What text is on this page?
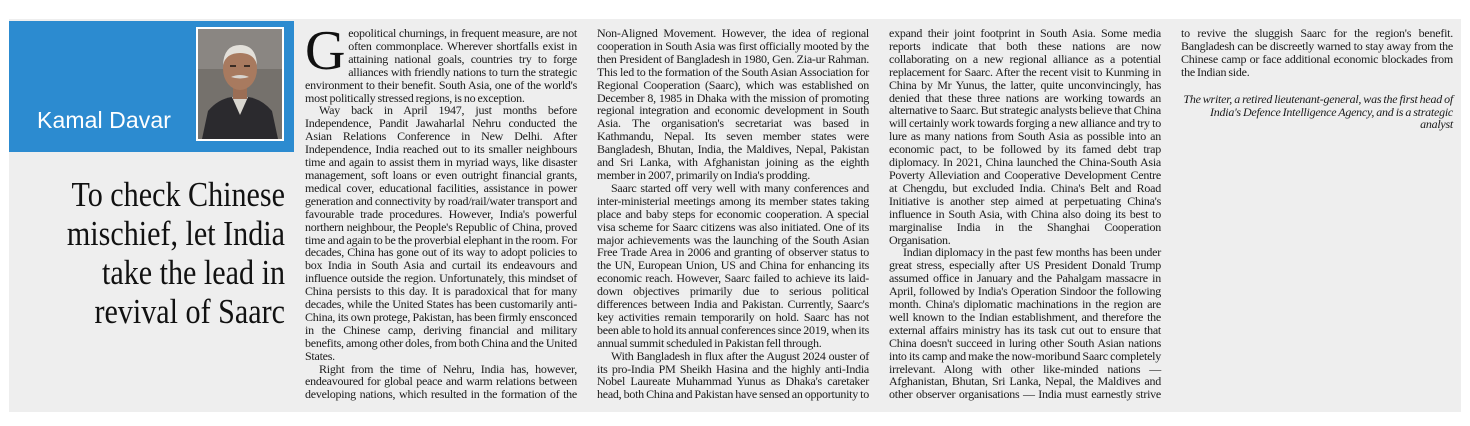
Kamal Davar
To check Chinese mischief, let India take the lead in revival of Saarc

Geopolitical churnings, in frequent measure, are not often commonplace. Wherever shortfalls exist in attaining national goals, countries try to forge alliances with friendly nations to turn the strategic environment to their benefit. South Asia, one of the world's most politically stressed regions, is no exception.

Way back in April 1947, just months before Independence, Pandit Jawaharlal Nehru conducted the Asian Relations Conference in New Delhi. After Independence, India reached out to its smaller neighbours time and again to assist them in myriad ways, like disaster management, soft loans or even outright financial grants, medical cover, educational facilities, assistance in power generation and connectivity by road/rail/water transport and favourable trade procedures. However, India's powerful northern neighbour, the People's Republic of China, proved time and again to be the proverbial elephant in the room. For decades, China has gone out of its way to adopt policies to box India in South Asia and curtail its endeavours and influence outside the region. Unfortunately, this mindset of China persists to this day. It is paradoxical that for many decades, while the United States has been customarily anti-China, its own protege, Pakistan, has been firmly ensconced in the Chinese camp, deriving financial and military benefits, among other doles, from both China and the United States.

Right from the time of Nehru, India has, however, endeavoured for global peace and warm relations between developing nations, which resulted in the formation of the Non-Aligned Movement. However, the idea of regional cooperation in South Asia was first officially mooted by the then President of Bangladesh in 1980, Gen. Zia-ur Rahman. This led to the formation of the South Asian Association for Regional Cooperation (Saarc), which was established on December 8, 1985 in Dhaka with the mission of promoting regional integration and economic development in South Asia. The organisation's secretariat was based in Kathmandu, Nepal. Its seven member states were Bangladesh, Bhutan, India, the Maldives, Nepal, Pakistan and Sri Lanka, with Afghanistan joining as the eighth member in 2007, primarily on India's prodding.

Saarc started off very well with many conferences and inter-ministerial meetings among its member states taking place and baby steps for economic cooperation. A special visa scheme for Saarc citizens was also initiated. One of its major achievements was the launching of the South Asian Free Trade Area in 2006 and granting of observer status to the UN, European Union, US and China for enhancing its economic reach. However, Saarc failed to achieve its laid-down objectives primarily due to serious political differences between India and Pakistan. Currently, Saarc's key activities remain temporarily on hold. Saarc has not been able to hold its annual conferences since 2019, when its annual summit scheduled in Pakistan fell through.

With Bangladesh in flux after the August 2024 ouster of its pro-India PM Sheikh Hasina and the highly anti-India Nobel Laureate Muhammad Yunus as Dhaka's caretaker head, both China and Pakistan have sensed an opportunity to expand their joint footprint in South Asia. Some media reports indicate that both these nations are now collaborating on a new regional alliance as a potential replacement for Saarc. After the recent visit to Kunming in China by Mr Yunus, the latter, quite unconvincingly, has denied that these three nations are working towards an alternative to Saarc. But strategic analysts believe that China will certainly work towards forging a new alliance and try to lure as many nations from South Asia as possible into an economic pact, to be followed by its famed debt trap diplomacy. In 2021, China launched the China-South Asia Poverty Alleviation and Cooperative Development Centre at Chengdu, but excluded India. China's Belt and Road Initiative is another step aimed at perpetuating China's influence in South Asia, with China also doing its best to marginalise India in the Shanghai Cooperation Organisation.

Indian diplomacy in the past few months has been under great stress, especially after US President Donald Trump assumed office in January and the Pahalgam massacre in April, followed by India's Operation Sindoor the following month. China's diplomatic machinations in the region are well known to the Indian establishment, and therefore the external affairs ministry has its task cut out to ensure that China doesn't succeed in luring other South Asian nations into its camp and make the now-moribund Saarc completely irrelevant. Along with other like-minded nations — Afghanistan, Bhutan, Sri Lanka, Nepal, the Maldives and other observer organisations — India must earnestly strive to revive the sluggish Saarc for the region's benefit. Bangladesh can be discreetly warned to stay away from the Chinese camp or face additional economic blockades from the Indian side.

The writer, a retired lieutenant-general, was the first head of India's Defence Intelligence Agency, and is a strategic analyst
